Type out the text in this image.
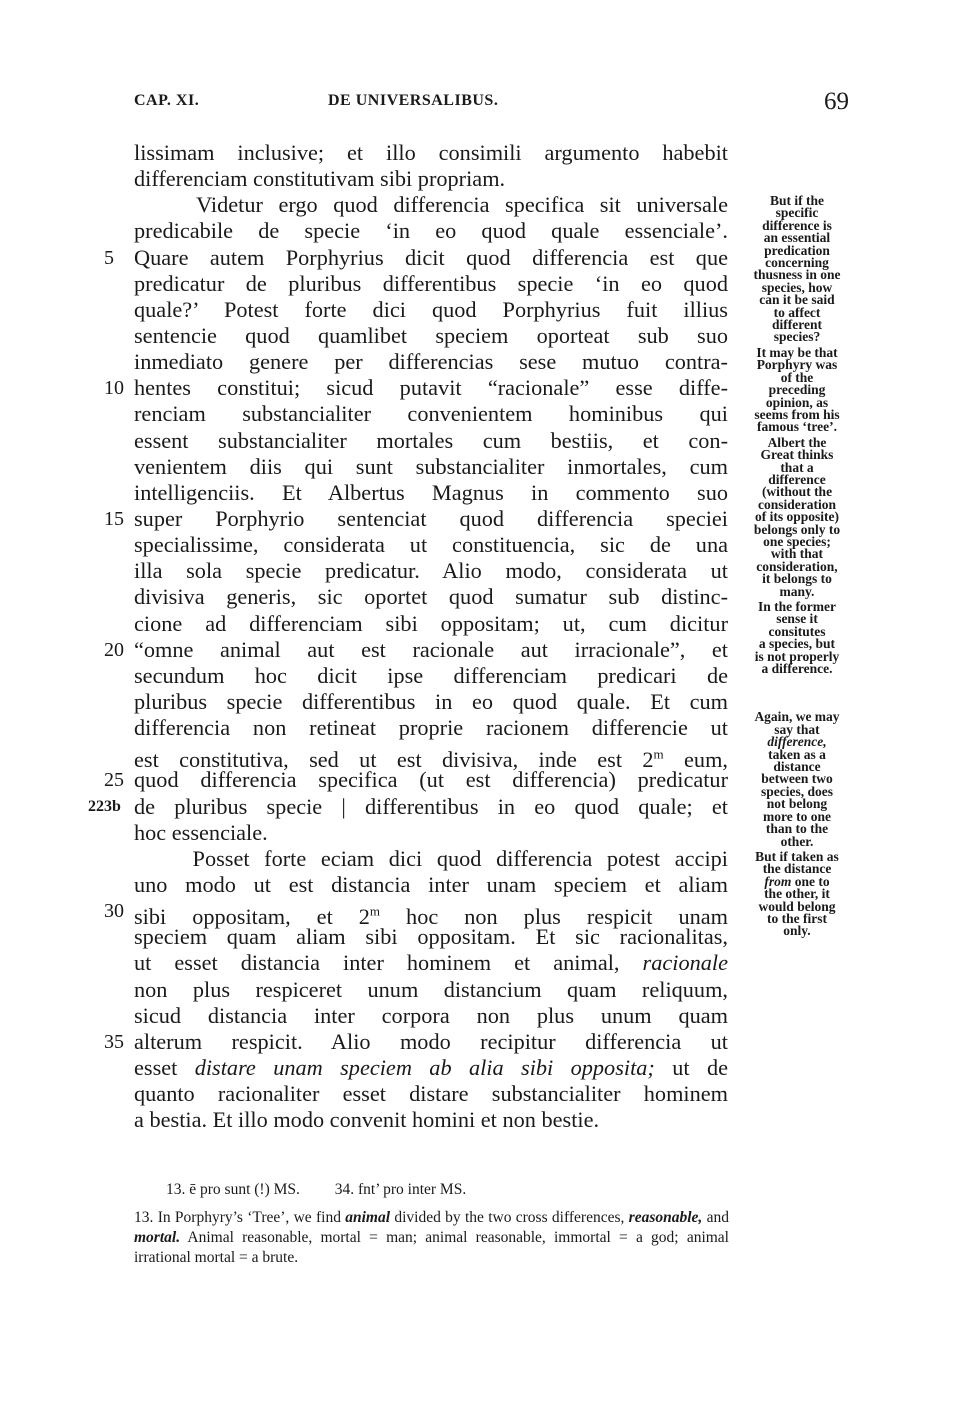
CAP. XI.	DE UNIVERSALIBUS.	69
lissimam inclusive; et illo consimili argumento habebit
differenciam constitutivam sibi propriam.
Videtur ergo quod differencia specifica sit universale
predicabile de specie ‘in eo quod quale essenciale’.
Quare autem Porphyrius dicit quod differencia est que
5
predicatur de pluribus differentibus specie ‘in eo quod
quale?’ Potest forte dici quod Porphyrius fuit illius
sentencie quod quamlibet speciem oporteat sub suo
inmediato genere per differencias sese mutuo contra-
hentes constitui; sicud putavit “racionale” esse diffe-
10
renciam substancialiter convenientem hominibus qui
essent substancialiter mortales cum bestiis, et con-
venientem diis qui sunt substancialiter inmortales, cum
intelligenciis. Et Albertus Magnus in commento suo
super Porphyrio sentenciat quod differencia speciei
15
specialissime, considerata ut constituencia, sic de una
illa sola specie predicatur. Alio modo, considerata ut
divisiva generis, sic oportet quod sumatur sub distinc-
cione ad differenciam sibi oppositam; ut, cum dicitur
“omne animal aut est racionale aut irracionale”, et
20
secundum hoc dicit ipse differenciam predicari de
pluribus specie differentibus in eo quod quale. Et cum
differencia non retineat proprie racionem differencie ut
est constitutiva, sed ut est divisiva, inde est 2$^m$ eum,
quod differencia specifica (ut est differencia) predicatur
25
de pluribus specie | differentibus in eo quod quale; et
223b
hoc essenciale.
Posset forte eciam dici quod differencia potest accipi
uno modo ut est distancia inter unam speciem et aliam
sibi oppositam, et 2$^m$ hoc non plus respicit unam
30
speciem quam aliam sibi oppositam. Et sic racionalitas,
ut esset distancia inter hominem et animal, racionale
non plus respiceret unum distancium quam reliquum,
sicud distancia inter corpora non plus unum quam
alterum respicit. Alio modo recipitur differencia ut
35
esset distare unam speciem ab alia sibi opposita; ut de
quanto racionaliter esset distare substancialiter hominem
a bestia. Et illo modo convenit homini et non bestie.
But if the
specific
difference is
an essential
predication
concerning
thusness in one
species, how
can it be said
to affect
different
species?
It may be that
Porphyry was
of the
preceding
opinion, as
seems from his
famous ‘tree’.
Albert the
Great thinks
that a
difference
(without the
consideration
of its opposite)
belongs only to
one species;
with that
consideration,
it belongs to
many.
In the former
sense it
consitutes
a species, but
is not properly
a difference.
Again, we may
say that
difference,
taken as a
distance
between two
species, does
not belong
more to one
than to the
other.
But if taken as
the distance
from one to
the other, it
would belong
to the first
only.
13. ē pro sunt (!) MS.   34. fnt’ pro inter MS.

13. In Porphyry’s ‘Tree’, we find animal divided by the two cross differences, reasonable, and mortal. Animal reasonable, mortal = man; animal reasonable, immortal = a god; animal irrational mortal = a brute.
